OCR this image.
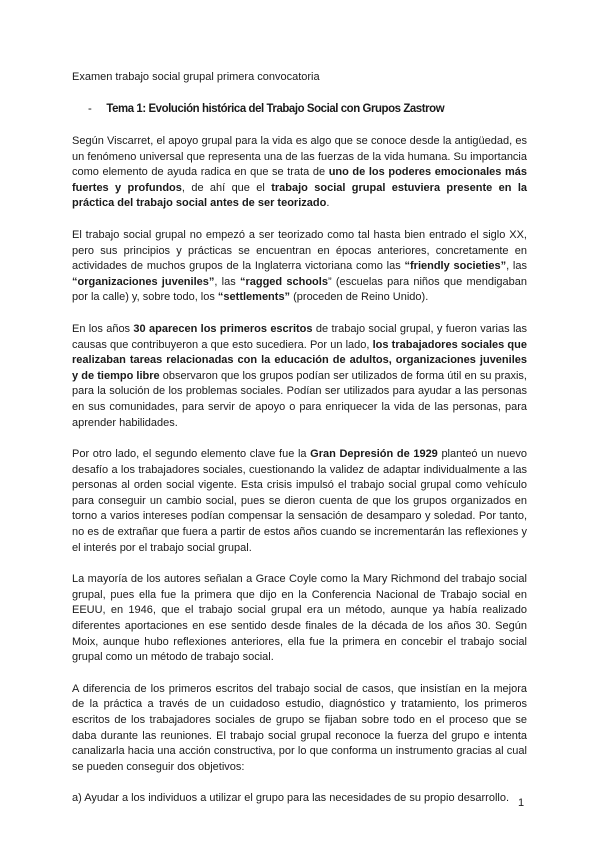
Examen trabajo social grupal primera convocatoria
- Tema 1: Evolución histórica del Trabajo Social con Grupos Zastrow

Según Viscarret, el apoyo grupal para la vida es algo que se conoce desde la antigüedad, es un fenómeno universal que representa una de las fuerzas de la vida humana. Su importancia como elemento de ayuda radica en que se trata de uno de los poderes emocionales más fuertes y profundos, de ahí que el trabajo social grupal estuviera presente en la práctica del trabajo social antes de ser teorizado.

El trabajo social grupal no empezó a ser teorizado como tal hasta bien entrado el siglo XX, pero sus principios y prácticas se encuentran en épocas anteriores, concretamente en actividades de muchos grupos de la Inglaterra victoriana como las “friendly societies”, las “organizaciones juveniles”, las “ragged schools” (escuelas para niños que mendigaban por la calle) y, sobre todo, los “settlements” (proceden de Reino Unido).

En los años 30 aparecen los primeros escritos de trabajo social grupal, y fueron varias las causas que contribuyeron a que esto sucediera. Por un lado, los trabajadores sociales que realizaban tareas relacionadas con la educación de adultos, organizaciones juveniles y de tiempo libre observaron que los grupos podían ser utilizados de forma útil en su praxis, para la solución de los problemas sociales. Podían ser utilizados para ayudar a las personas en sus comunidades, para servir de apoyo o para enriquecer la vida de las personas, para aprender habilidades.

Por otro lado, el segundo elemento clave fue la Gran Depresión de 1929 planteó un nuevo desafío a los trabajadores sociales, cuestionando la validez de adaptar individualmente a las personas al orden social vigente. Esta crisis impulsó el trabajo social grupal como vehículo para conseguir un cambio social, pues se dieron cuenta de que los grupos organizados en torno a varios intereses podían compensar la sensación de desamparo y soledad. Por tanto, no es de extrañar que fuera a partir de estos años cuando se incrementarán las reflexiones y el interés por el trabajo social grupal.

La mayoría de los autores señalan a Grace Coyle como la Mary Richmond del trabajo social grupal, pues ella fue la primera que dijo en la Conferencia Nacional de Trabajo social en EEUU, en 1946, que el trabajo social grupal era un método, aunque ya había realizado diferentes aportaciones en ese sentido desde finales de la década de los años 30. Según Moix, aunque hubo reflexiones anteriores, ella fue la primera en concebir el trabajo social grupal como un método de trabajo social.

A diferencia de los primeros escritos del trabajo social de casos, que insistían en la mejora de la práctica a través de un cuidadoso estudio, diagnóstico y tratamiento, los primeros escritos de los trabajadores sociales de grupo se fijaban sobre todo en el proceso que se daba durante las reuniones. El trabajo social grupal reconoce la fuerza del grupo e intenta canalizarla hacia una acción constructiva, por lo que conforma un instrumento gracias al cual se pueden conseguir dos objetivos:

a) Ayudar a los individuos a utilizar el grupo para las necesidades de su propio desarrollo. 1
